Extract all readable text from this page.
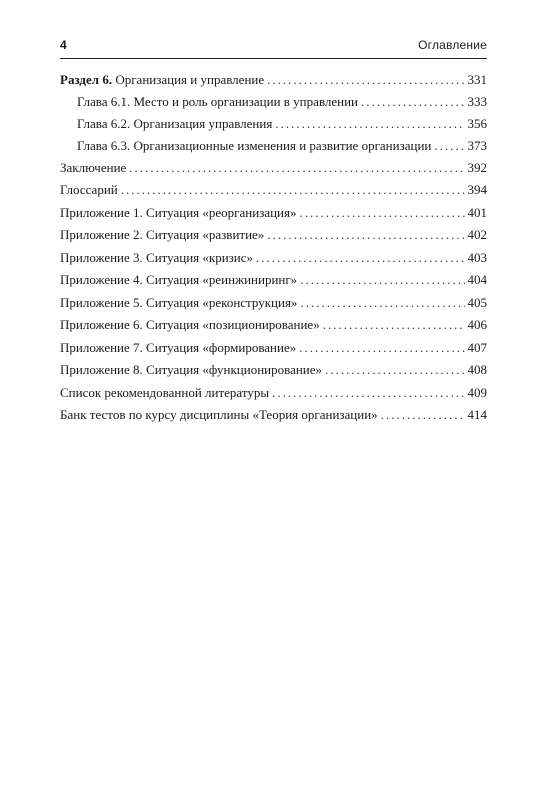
4	Оглавление
Раздел 6. Организация и управление .....	331
Глава 6.1. Место и роль организации в управлении .....	333
Глава 6.2. Организация управления .....	356
Глава 6.3. Организационные изменения и развитие организации .....	373
Заключение .....	392
Глоссарий .....	394
Приложение 1. Ситуация «реорганизация» .....	401
Приложение 2. Ситуация «развитие» .....	402
Приложение 3. Ситуация «кризис» .....	403
Приложение 4. Ситуация «реинжиниринг» .....	404
Приложение 5. Ситуация «реконструкция» .....	405
Приложение 6. Ситуация «позиционирование» .....	406
Приложение 7. Ситуация «формирование» .....	407
Приложение 8. Ситуация «функционирование» .....	408
Список рекомендованной литературы .....	409
Банк тестов по курсу дисциплины «Теория организации» .....	414
